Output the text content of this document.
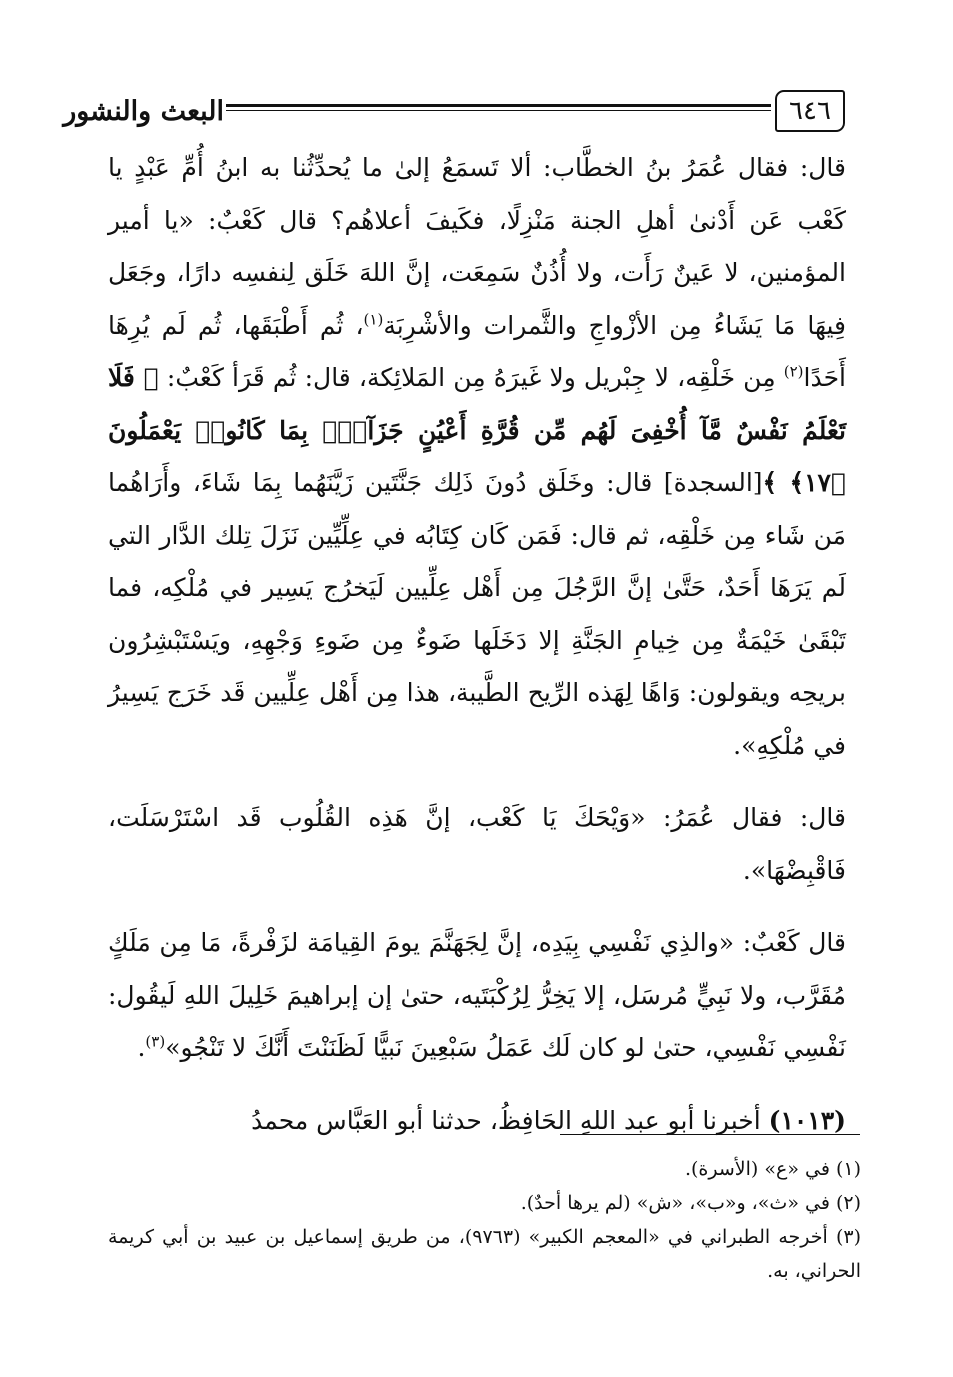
٦٤٦
البعث والنشور

قال: فقال عُمَرُ بنُ الخطَّاب: ألا تَسمَعُ إلىٰ ما يُحدِّثُنا به ابنُ أُمِّ عَبْدٍ يا كَعْب عَن أَدْنىٰ أهلِ الجنة مَنْزِلًا، فكَيفَ أعلاهُم؟ قال كَعْبٌ: «يا أمير المؤمنين، لا عَينٌ رَأَت، ولا أُذُنٌ سَمِعَت، إنَّ اللهَ خَلَق لِنفسِه دارًا، وجَعَل فِيهَا مَا يَشَاءُ مِن الأزْواجِ والثَّمرات والأشْرِبَة$^{(١)}$، ثُم أَطْبَقَها، ثُم لَم يُرِهَا أَحَدًا$^{(٢)}$ مِن خَلْقِه، لا جِبْريل ولا غَيرَهُ مِن المَلائِكة، قال: ثُم قَرَأ كَعْبٌ: ﴿ فَلَا تَعْلَمُ نَفْسٌ مَّآ أُخْفِىَ لَهُم مِّن قُرَّةِ أَعْيُنٍ جَزَآءًۢ بِمَا كَانُوا۟ يَعْمَلُونَ ﴿١٧﴾ ﴾[السجدة] قال: وخَلَق دُونَ ذَلِك جَنَّتَين زَيَّنَهُما بِمَا شَاءَ، وأَرَاهُما مَن شَاء مِن خَلْقِه، ثم قال: فَمَن كَان كِتَابُه في عِلِّيِّين نَزَلَ تِلك الدَّار التي لَم يَرَهَا أَحَدٌ، حَتَّىٰ إنَّ الرَّجُلَ مِن أَهْل عِلِّيين لَيَخرُج يَسِير في مُلْكِه، فما تَبْقَىٰ خَيْمَةٌ مِن خِيامِ الجَنَّةِ إلا دَخَلَها ضَوءٌ مِن ضَوءِ وَجْهِهِ، ويَسْتَبْشِرُون بريحِه ويقولون: وَاهًا لِهَذه الرِّيح الطَّيبة، هذا مِن أَهْل عِلِّيين قَد خَرَج يَسِيرُ في مُلْكِهِ».

قال: فقال عُمَرُ: «وَيْحَكَ يَا كَعْب، إنَّ هَذِه القُلُوب قَد اسْتَرْسَلَت، فَاقْبِضْهَا».

قال كَعْبٌ: «والذِي نَفْسِي بِيَدِه، إنَّ لِجَهَنَّمَ يومَ القِيامَة لزَفْرةً، مَا مِن مَلَكٍ مُقَرَّب، ولا نَبِيٍّ مُرسَل، إلا يَخِرُّ لِرُكْبَتَيه، حتىٰ إن إبراهيمَ خَلِيلَ اللهِ لَيقُول: نَفْسِي نَفْسِي، حتىٰ لو كان لَك عَمَلُ سَبْعِينَ نَبيًّا لَظَنَنْتَ أَنَّكَ لا تَنْجُو»$^{(٣)}$.

(١٠١٣) أخبرنا أبو عبد اللهِ الحَافِظُ، حدثنا أبو العَبَّاس محمدُ

(١) في «ع» (الأسرة).

(٢) في «ث»، و«ب»، «ش» (لم يرها أحدٌ).

(٣) أخرجه الطبراني في «المعجم الكبير» (٩٧٦٣)، من طريق إسماعيل بن عبيد بن أبي كريمة الحراني، به.
